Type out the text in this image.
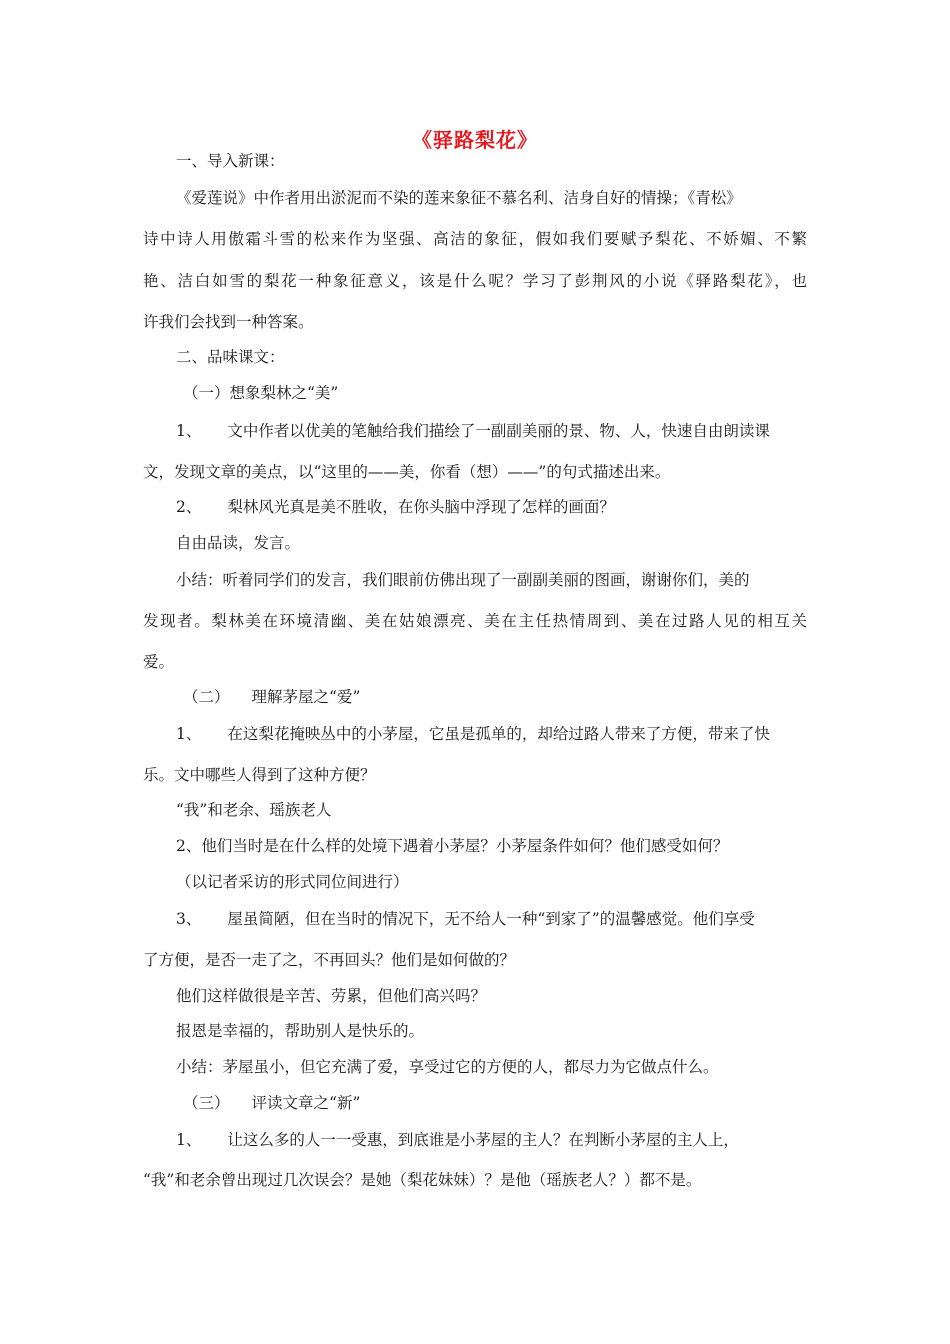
《驿路梨花》
一、导入新课：
《爱莲说》中作者用出淤泥而不染的莲来象征不慕名利、洁身自好的情操；《青松》
诗中诗人用傲霜斗雪的松来作为坚强、高洁的象征，假如我们要赋予梨花、不娇媚、不繁
艳、洁白如雪的梨花一种象征意义，该是什么呢？学习了彭荆风的小说《驿路梨花》，也
许我们会找到一种答案。
二、品味课文：
（一）想象梨林之“美”
1、 文中作者以优美的笔触给我们描绘了一副副美丽的景、物、人，快速自由朗读课
文，发现文章的美点，以“这里的——美，你看（想）——”的句式描述出来。
2、 梨林风光真是美不胜收，在你头脑中浮现了怎样的画面？
自由品读，发言。
小结：听着同学们的发言，我们眼前仿佛出现了一副副美丽的图画，谢谢你们，美的
发现者。梨林美在环境清幽、美在姑娘漂亮、美在主任热情周到、美在过路人见的相互关
爱。
（二） 理解茅屋之“爱”
1、 在这梨花掩映丛中的小茅屋，它虽是孤单的，却给过路人带来了方便，带来了快
乐。文中哪些人得到了这种方便？
“我”和老余、瑶族老人
2、他们当时是在什么样的处境下遇着小茅屋？小茅屋条件如何？他们感受如何？
（以记者采访的形式同位间进行）
3、 屋虽简陋，但在当时的情况下，无不给人一种“到家了”的温馨感觉。他们享受
了方便，是否一走了之，不再回头？他们是如何做的？
他们这样做很是辛苦、劳累，但他们高兴吗？
报恩是幸福的，帮助别人是快乐的。
小结：茅屋虽小，但它充满了爱，享受过它的方便的人，都尽力为它做点什么。
（三） 评读文章之“新”
1、 让这么多的人一一受惠，到底谁是小茅屋的主人？在判断小茅屋的主人上，
“我”和老余曾出现过几次误会？是她（梨花妹妹）？是他（瑶族老人？）都不是。
